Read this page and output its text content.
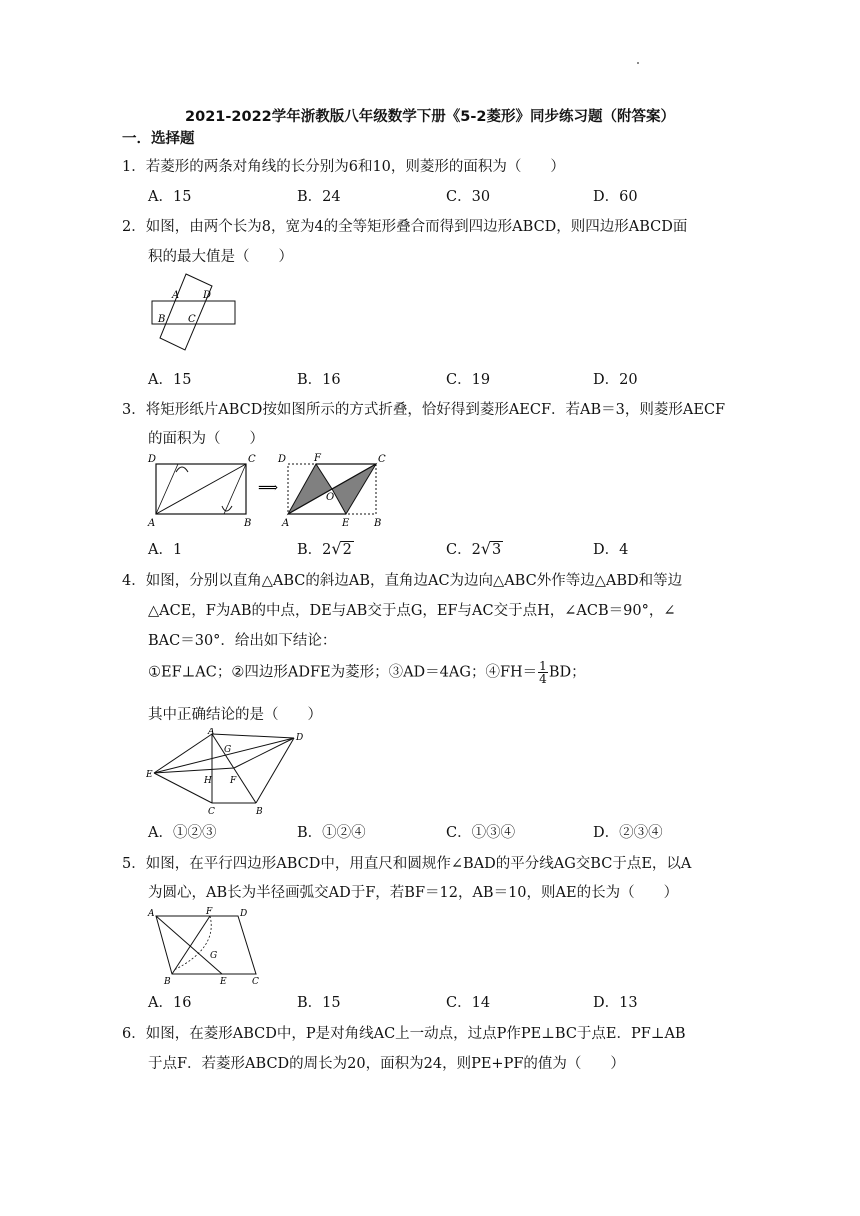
2021-2022学年浙教版八年级数学下册《5-2菱形》同步练习题（附答案）
一．选择题
1．若菱形的两条对角线的长分别为6和10，则菱形的面积为（　　）
A．15	B．24	C．30	D．60
2．如图，由两个长为8，宽为4的全等矩形叠合而得到四边形ABCD，则四边形ABCD面
积的最大值是（　　）
A D
B C
A．15	B．16	C．19	D．20
3．将矩形纸片ABCD按如图所示的方式折叠，恰好得到菱形AECF．若AB＝3，则菱形AECF
的面积为（　　）
D	C
A	B
⟹
D	F	C
O
A	E B
A．1	B．2√2	C．2√3	D．4
4．如图，分别以直角△ABC的斜边AB，直角边AC为边向△ABC外作等边△ABD和等边
△ACE，F为AB的中点，DE与AB交于点G，EF与AC交于点H，∠ACB＝90°，∠
BAC＝30°．给出如下结论：
①EF⊥AC；②四边形ADFE为菱形；③AD＝4AG；④FH＝ $\frac{1}{4}$ BD；
其中正确结论的是（　　）
A
D
G
E
H F
C	B
A．①②③	B．①②④	C．①③④	D．②③④
5．如图，在平行四边形ABCD中，用直尺和圆规作∠BAD的平分线AG交BC于点E，以A
为圆心，AB长为半径画弧交AD于F，若BF＝12，AB＝10，则AE的长为（　　）
A	F	D
G
B	E	C
A．16	B．15	C．14	D．13
6．如图，在菱形ABCD中，P是对角线AC上一动点，过点P作PE⊥BC于点E．PF⊥AB
于点F．若菱形ABCD的周长为20，面积为24，则PE+PF的值为（　　）
